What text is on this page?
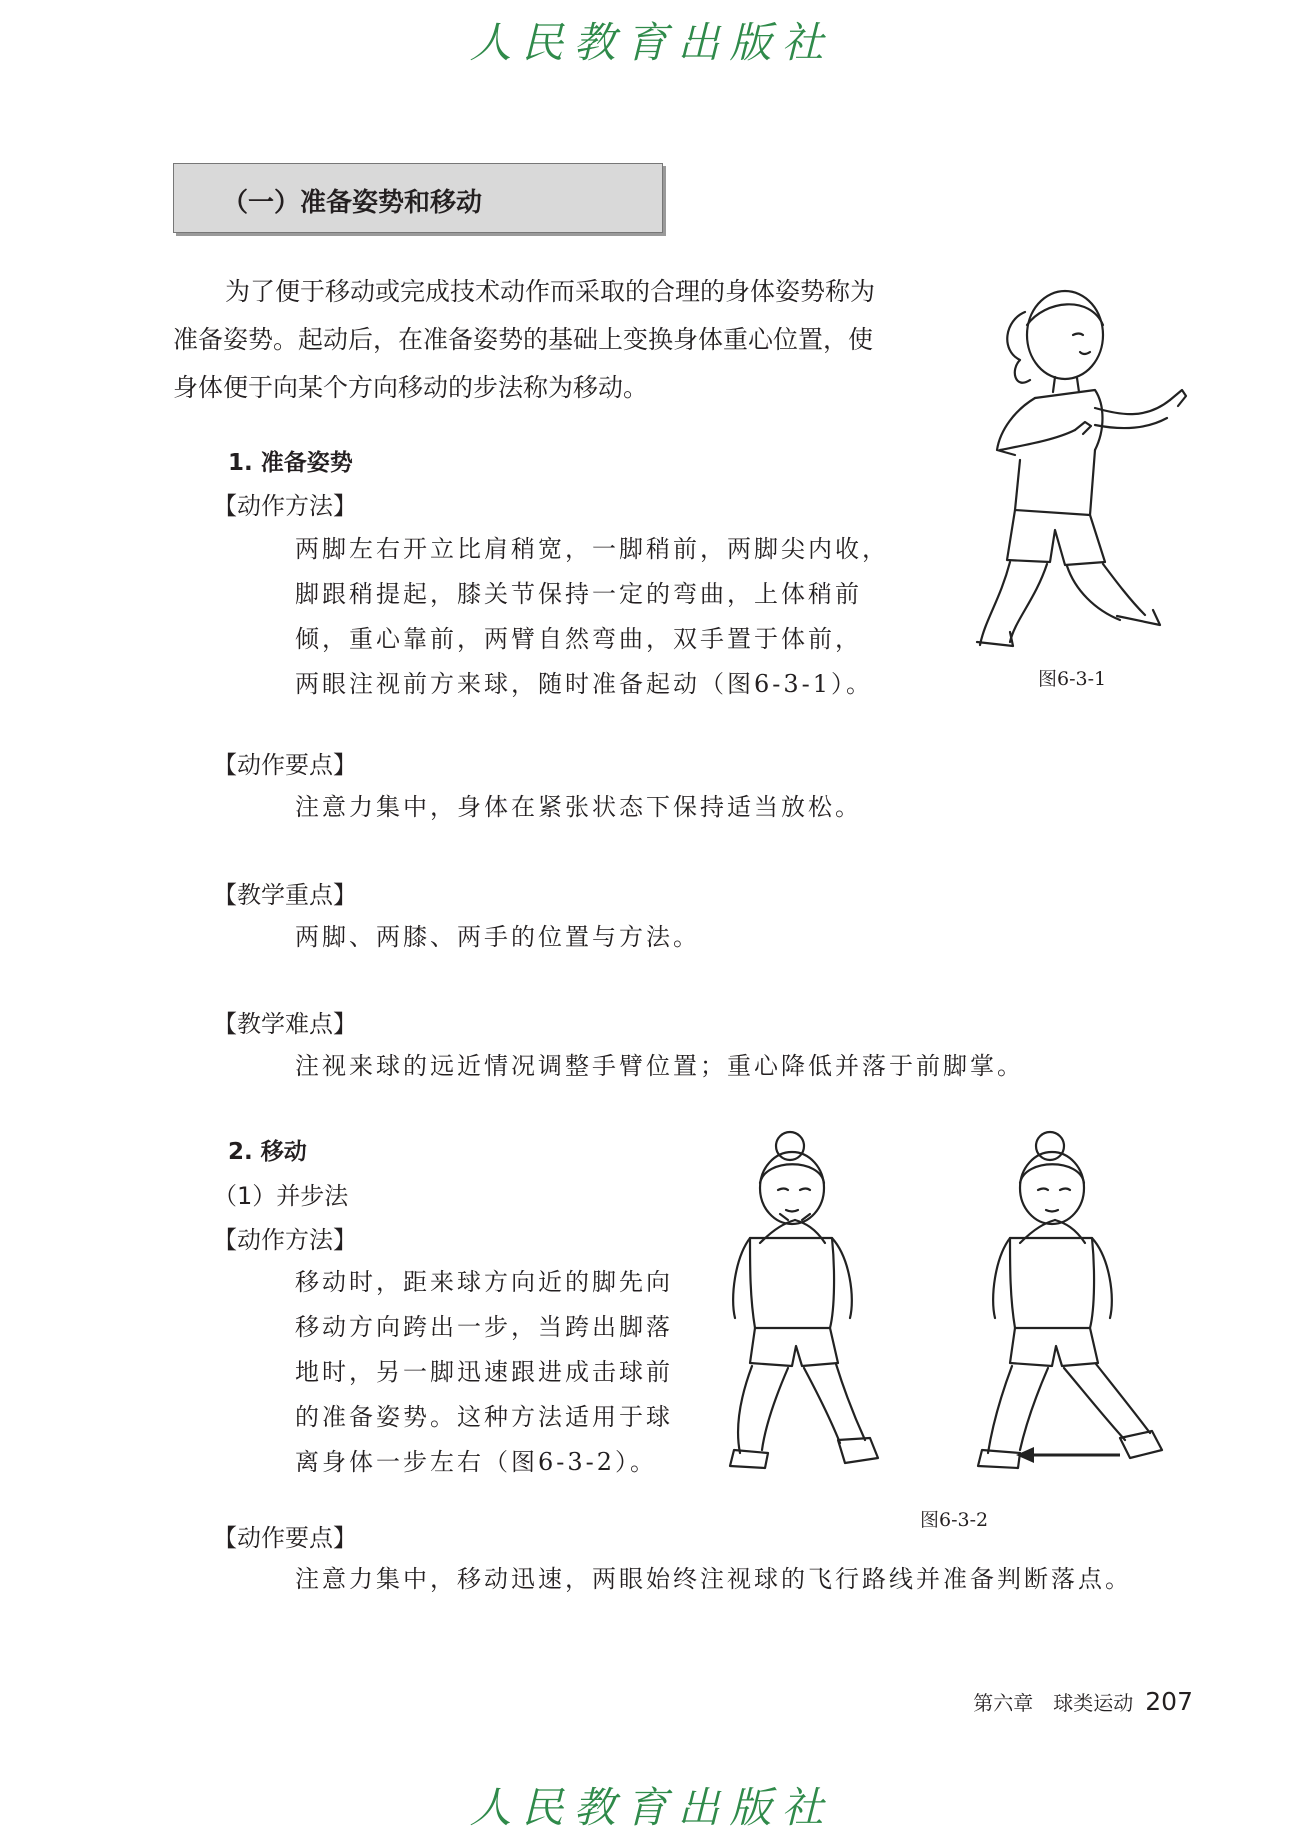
人民教育出版社
（一）准备姿势和移动
为了便于移动或完成技术动作而采取的合理的身体姿势称为
准备姿势。起动后，在准备姿势的基础上变换身体重心位置，使
身体便于向某个方向移动的步法称为移动。
图6-3-1
1. 准备姿势
【动作方法】
两脚左右开立比肩稍宽，一脚稍前，两脚尖内收，
脚跟稍提起，膝关节保持一定的弯曲，上体稍前
倾，重心靠前，两臂自然弯曲，双手置于体前，
两眼注视前方来球，随时准备起动（图6-3-1）。
【动作要点】
注意力集中，身体在紧张状态下保持适当放松。
【教学重点】
两脚、两膝、两手的位置与方法。
【教学难点】
注视来球的远近情况调整手臂位置；重心降低并落于前脚掌。
2. 移动
（1）并步法
【动作方法】
移动时，距来球方向近的脚先向
移动方向跨出一步，当跨出脚落
地时，另一脚迅速跟进成击球前
的准备姿势。这种方法适用于球
离身体一步左右（图6-3-2）。
图6-3-2
【动作要点】
注意力集中，移动迅速，两眼始终注视球的飞行路线并准备判断落点。
第六章　球类运动 207
人民教育出版社
